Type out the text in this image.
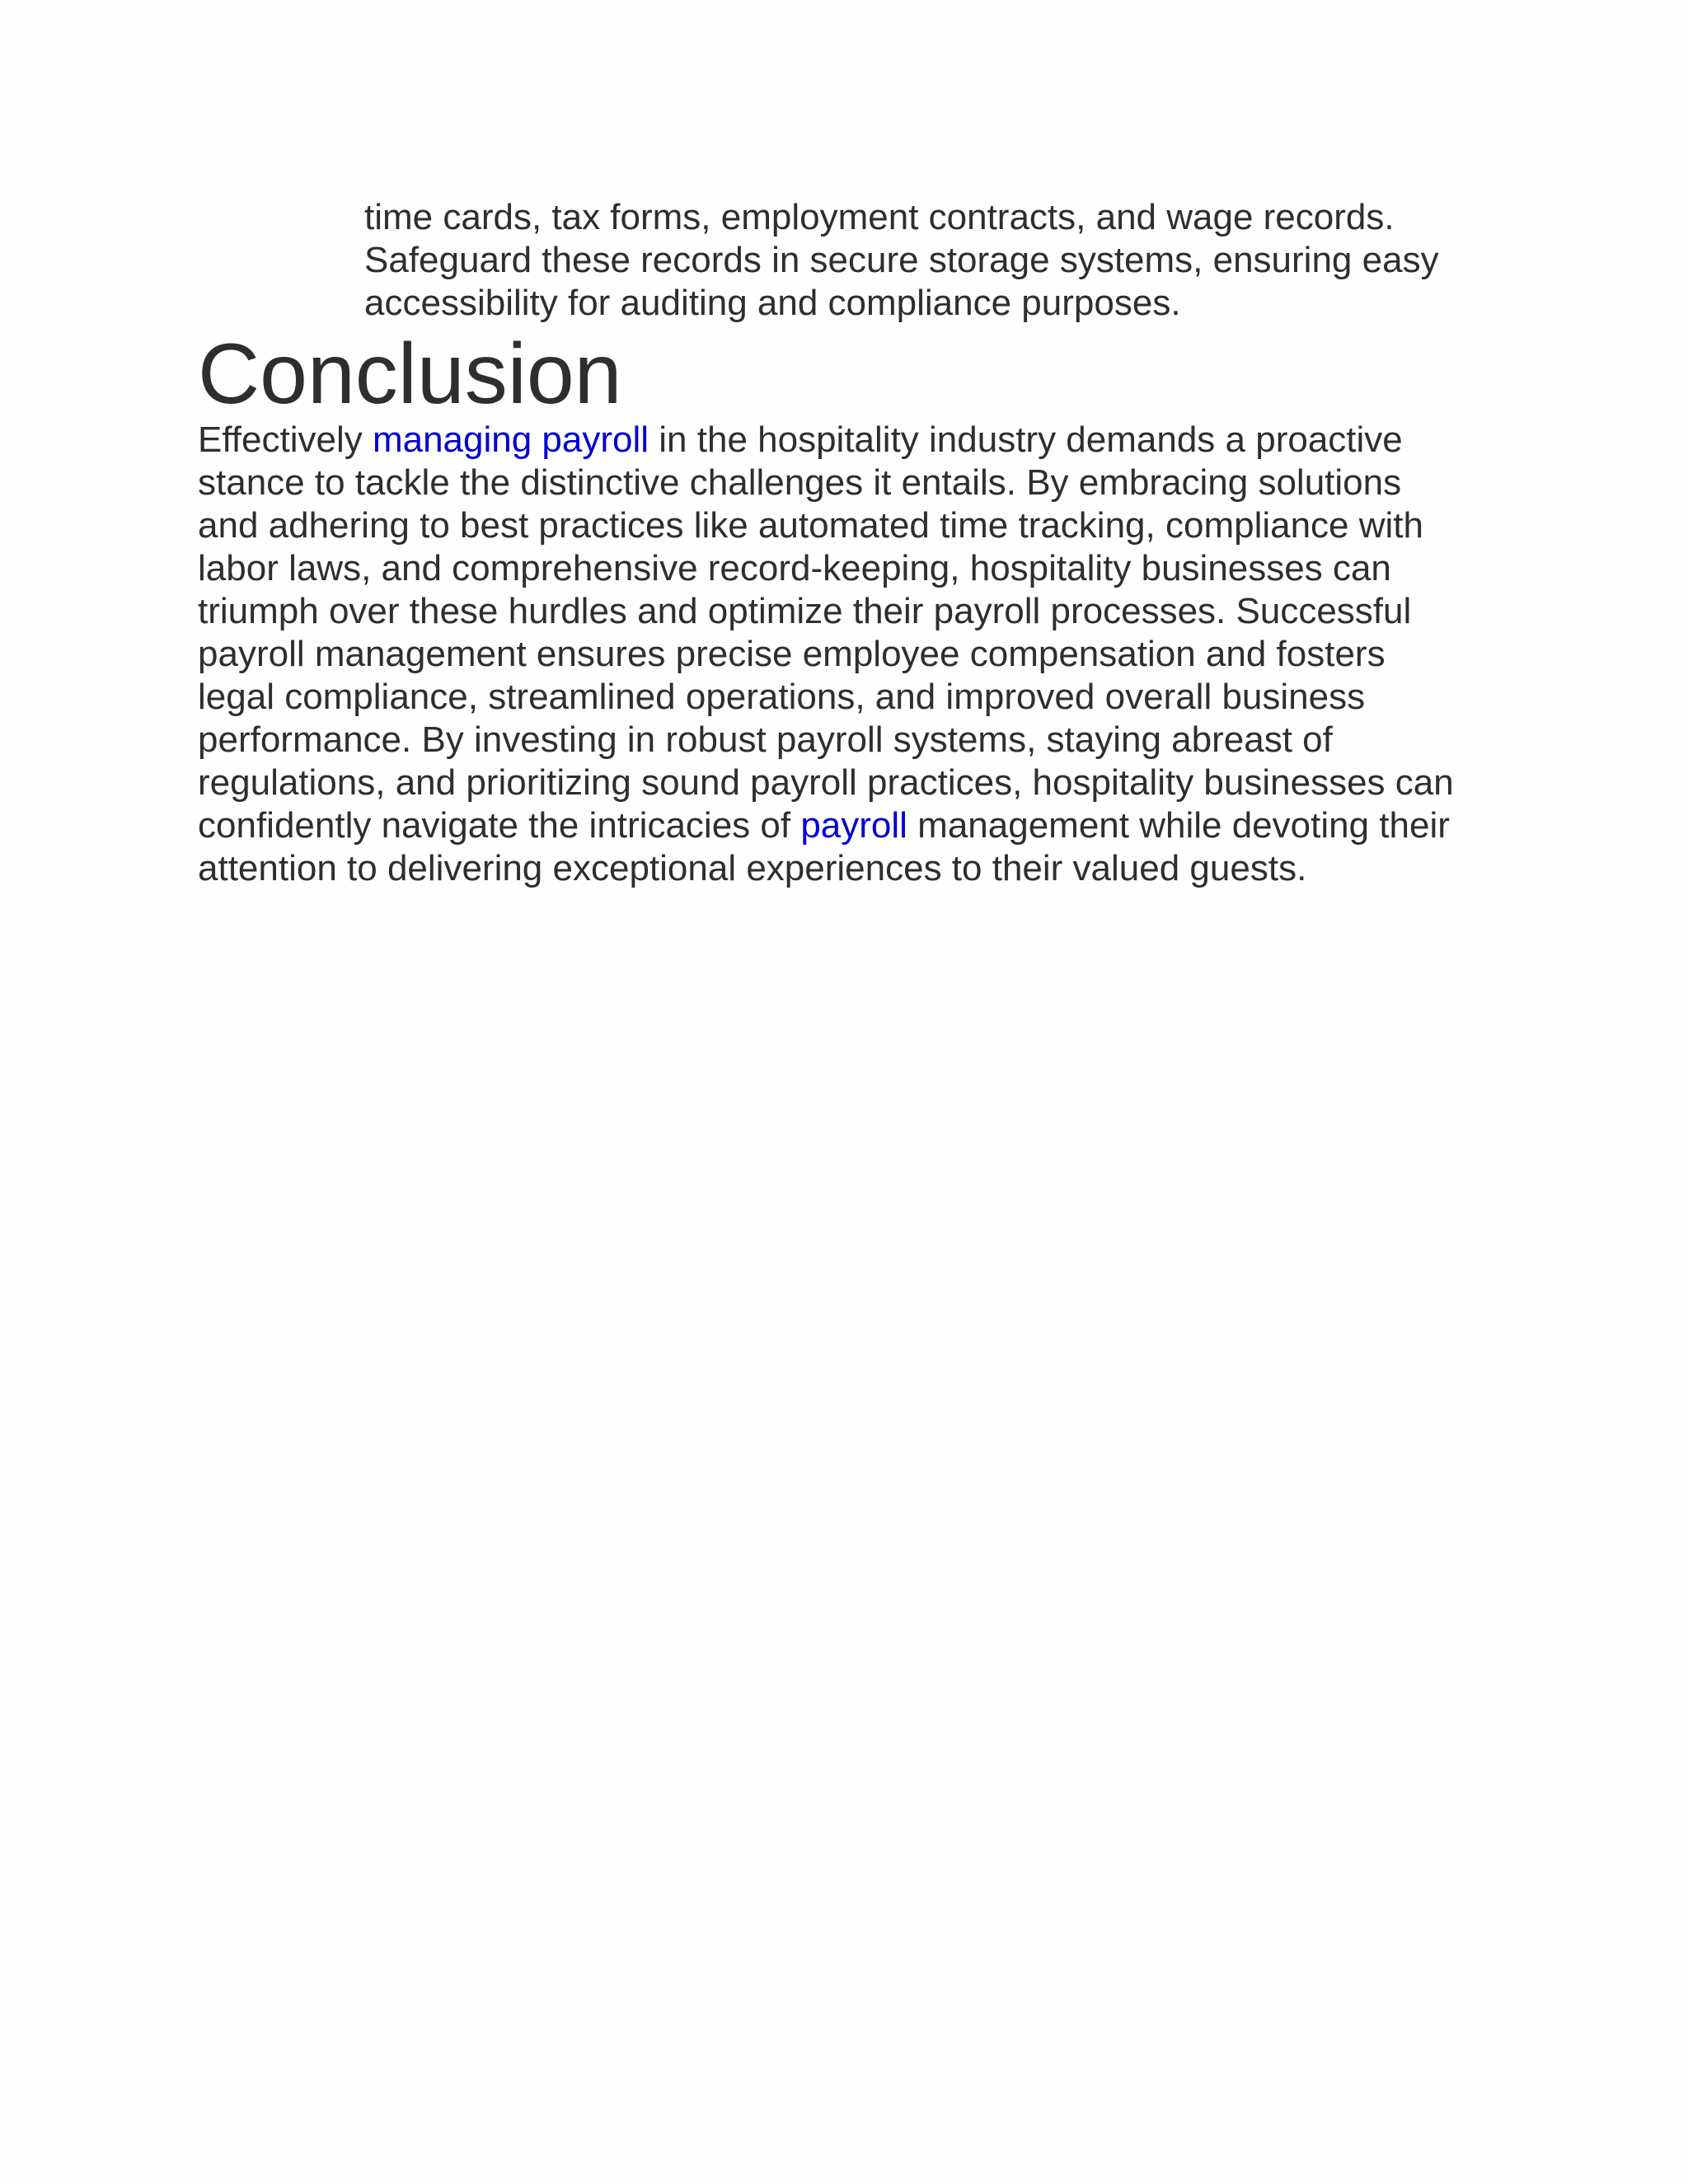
time cards, tax forms, employment contracts, and wage records.
Safeguard these records in secure storage systems, ensuring easy
accessibility for auditing and compliance purposes.

Conclusion

Effectively managing payroll in the hospitality industry demands a proactive
stance to tackle the distinctive challenges it entails. By embracing solutions
and adhering to best practices like automated time tracking, compliance with
labor laws, and comprehensive record-keeping, hospitality businesses can
triumph over these hurdles and optimize their payroll processes. Successful
payroll management ensures precise employee compensation and fosters
legal compliance, streamlined operations, and improved overall business
performance. By investing in robust payroll systems, staying abreast of
regulations, and prioritizing sound payroll practices, hospitality businesses can
confidently navigate the intricacies of payroll management while devoting their
attention to delivering exceptional experiences to their valued guests.
